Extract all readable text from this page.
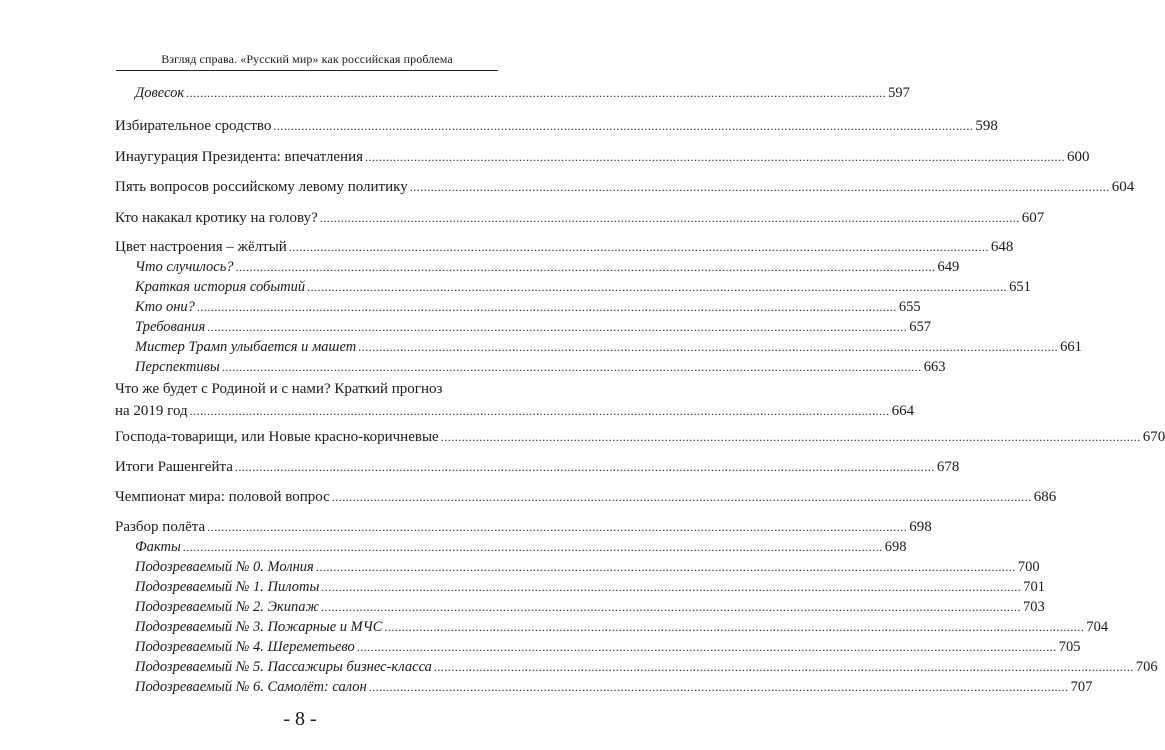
Взгляд справа. «Русский мир» как российская проблема
Довесок ........................................................................................................................................................................................................ 597
Избирательное сродство ........................................................................................................................................................................................................ 598
Инаугурация Президента: впечатления ........................................................................................................................................................................................................ 600
Пять вопросов российскому левому политику ........................................................................................................................................................................................................ 604
Кто накакал кротику на голову? ........................................................................................................................................................................................................ 607
Цвет настроения – жёлтый ........................................................................................................................................................................................................ 648
Что случилось? ........................................................................................................................................................................................................ 649
Краткая история событий ........................................................................................................................................................................................................ 651
Кто они? ........................................................................................................................................................................................................ 655
Требования ........................................................................................................................................................................................................ 657
Мистер Трамп улыбается и машет ........................................................................................................................................................................................................ 661
Перспективы ........................................................................................................................................................................................................ 663
Что же будет с Родиной и с нами? Краткий прогноз
на 2019 год ........................................................................................................................................................................................................ 664
Господа-товарищи, или Новые красно-коричневые ........................................................................................................................................................................................................ 670
Итоги Рашенгейта ........................................................................................................................................................................................................ 678
Чемпионат мира: половой вопрос ........................................................................................................................................................................................................ 686
Разбор полёта ........................................................................................................................................................................................................ 698
Факты ........................................................................................................................................................................................................ 698
Подозреваемый № 0. Молния ........................................................................................................................................................................................................ 700
Подозреваемый № 1. Пилоты ........................................................................................................................................................................................................ 701
Подозреваемый № 2. Экипаж ........................................................................................................................................................................................................ 703
Подозреваемый № 3. Пожарные и МЧС ........................................................................................................................................................................................................ 704
Подозреваемый № 4. Шереметьево ........................................................................................................................................................................................................ 705
Подозреваемый № 5. Пассажиры бизнес-класса ........................................................................................................................................................................................................ 706
Подозреваемый № 6. Самолёт: салон ........................................................................................................................................................................................................ 707
- 8 -
